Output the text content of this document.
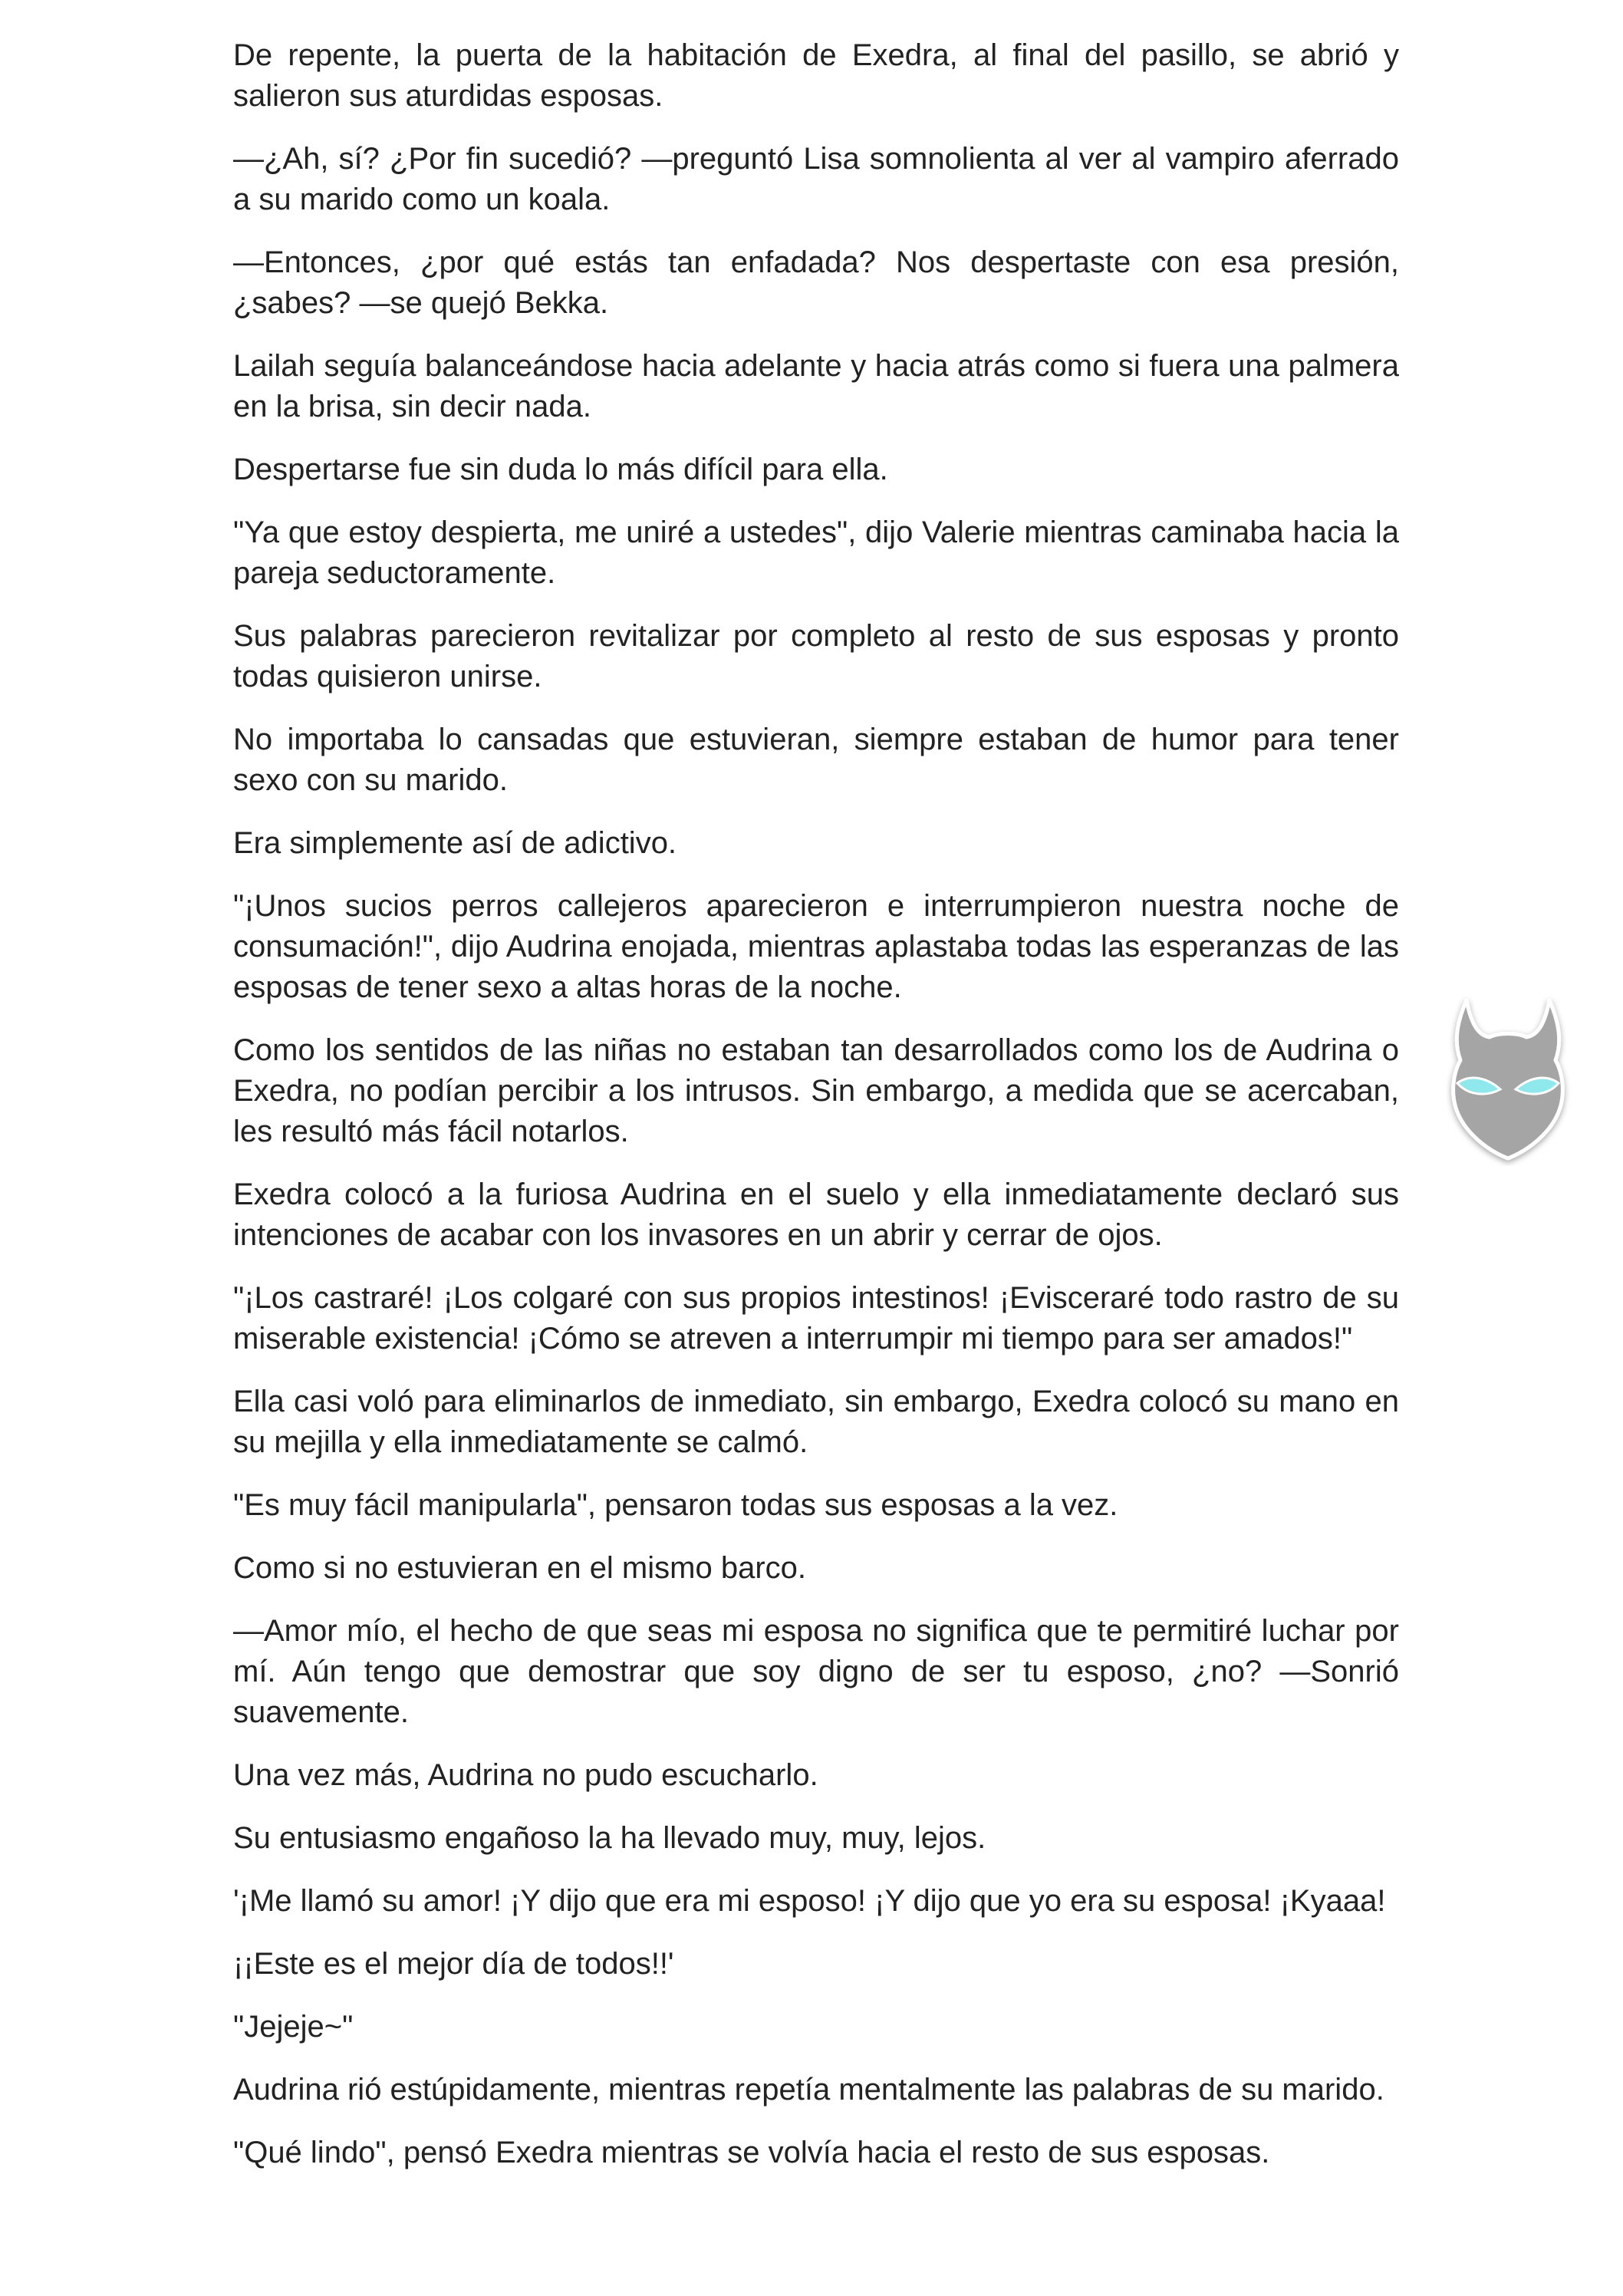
De repente, la puerta de la habitación de Exedra, al final del pasillo, se abrió y salieron sus aturdidas esposas.

—¿Ah, sí? ¿Por fin sucedió? —preguntó Lisa somnolienta al ver al vampiro aferrado a su marido como un koala.

—Entonces, ¿por qué estás tan enfadada? Nos despertaste con esa presión, ¿sabes? —se quejó Bekka.

Lailah seguía balanceándose hacia adelante y hacia atrás como si fuera una palmera en la brisa, sin decir nada.

Despertarse fue sin duda lo más difícil para ella.

"Ya que estoy despierta, me uniré a ustedes", dijo Valerie mientras caminaba hacia la pareja seductoramente.

Sus palabras parecieron revitalizar por completo al resto de sus esposas y pronto todas quisieron unirse.

No importaba lo cansadas que estuvieran, siempre estaban de humor para tener sexo con su marido.

Era simplemente así de adictivo.

"¡Unos sucios perros callejeros aparecieron e interrumpieron nuestra noche de consumación!", dijo Audrina enojada, mientras aplastaba todas las esperanzas de las esposas de tener sexo a altas horas de la noche.

Como los sentidos de las niñas no estaban tan desarrollados como los de Audrina o Exedra, no podían percibir a los intrusos. Sin embargo, a medida que se acercaban, les resultó más fácil notarlos.

Exedra colocó a la furiosa Audrina en el suelo y ella inmediatamente declaró sus intenciones de acabar con los invasores en un abrir y cerrar de ojos.

"¡Los castraré! ¡Los colgaré con sus propios intestinos! ¡Evisceraré todo rastro de su miserable existencia! ¡Cómo se atreven a interrumpir mi tiempo para ser amados!"

Ella casi voló para eliminarlos de inmediato, sin embargo, Exedra colocó su mano en su mejilla y ella inmediatamente se calmó.

"Es muy fácil manipularla", pensaron todas sus esposas a la vez.

Como si no estuvieran en el mismo barco.

—Amor mío, el hecho de que seas mi esposa no significa que te permitiré luchar por mí. Aún tengo que demostrar que soy digno de ser tu esposo, ¿no? —Sonrió suavemente.

Una vez más, Audrina no pudo escucharlo.

Su entusiasmo engañoso la ha llevado muy, muy, lejos.

'¡Me llamó su amor! ¡Y dijo que era mi esposo! ¡Y dijo que yo era su esposa! ¡Kyaaa!

¡¡Este es el mejor día de todos!!'

"Jejeje~"

Audrina rió estúpidamente, mientras repetía mentalmente las palabras de su marido.

"Qué lindo", pensó Exedra mientras se volvía hacia el resto de sus esposas.
